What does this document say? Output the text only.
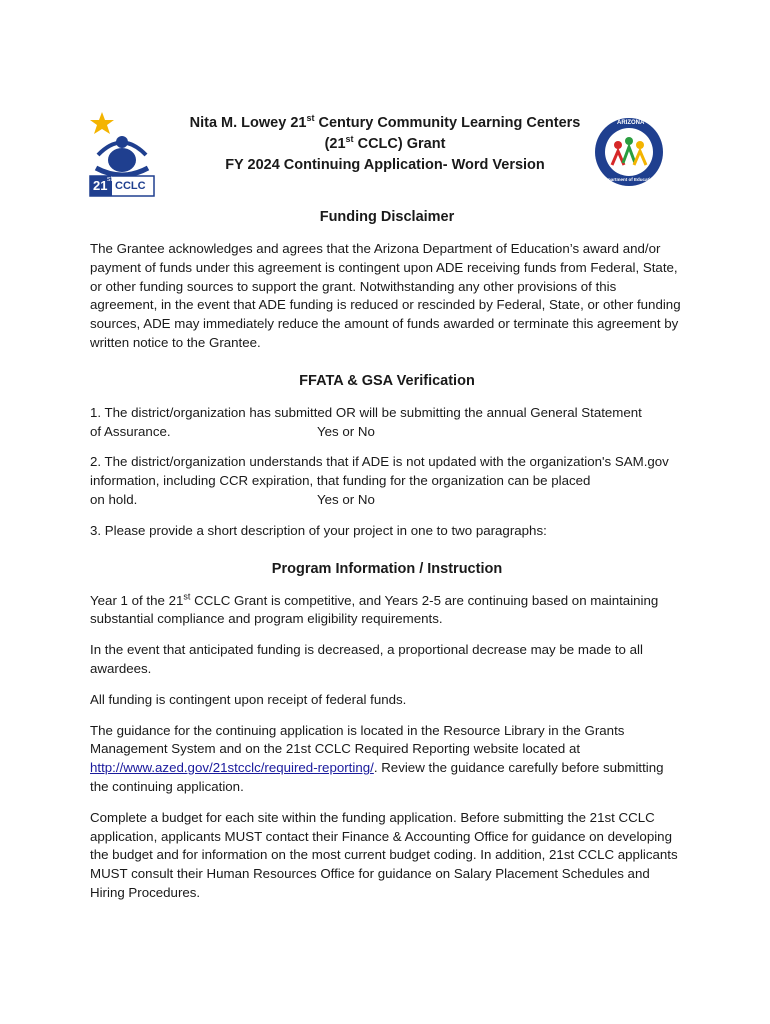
21 st
CCLC
Nita M. Lowey 21st Century Community Learning Centers
(21st CCLC) Grant
FY 2024 Continuing Application- Word Version
ARIZONA
Department of Education
Funding Disclaimer

The Grantee acknowledges and agrees that the Arizona Department of Education’s award and/or payment of funds under this agreement is contingent upon ADE receiving funds from Federal, State, or other funding sources to support the grant. Notwithstanding any other provisions of this agreement, in the event that ADE funding is reduced or rescinded by Federal, State, or other funding sources, ADE may immediately reduce the amount of funds awarded or terminate this agreement by written notice to the Grantee.

FFATA & GSA Verification

1. The district/organization has submitted OR will be submitting the annual General Statement

of Assurance.	Yes or No

2. The district/organization understands that if ADE is not updated with the organization's SAM.gov information, including CCR expiration, that funding for the organization can be placed

on hold.	Yes or No

3. Please provide a short description of your project in one to two paragraphs:

Program Information / Instruction

Year 1 of the 21st CCLC Grant is competitive, and Years 2-5 are continuing based on maintaining substantial compliance and program eligibility requirements.

In the event that anticipated funding is decreased, a proportional decrease may be made to all awardees.

All funding is contingent upon receipt of federal funds.

The guidance for the continuing application is located in the Resource Library in the Grants Management System and on the 21st CCLC Required Reporting website located at http://www.azed.gov/21stcclc/required-reporting/. Review the guidance carefully before submitting the continuing application.

Complete a budget for each site within the funding application. Before submitting the 21st CCLC application, applicants MUST contact their Finance & Accounting Office for guidance on developing the budget and for information on the most current budget coding. In addition, 21st CCLC applicants MUST consult their Human Resources Office for guidance on Salary Placement Schedules and Hiring Procedures.
